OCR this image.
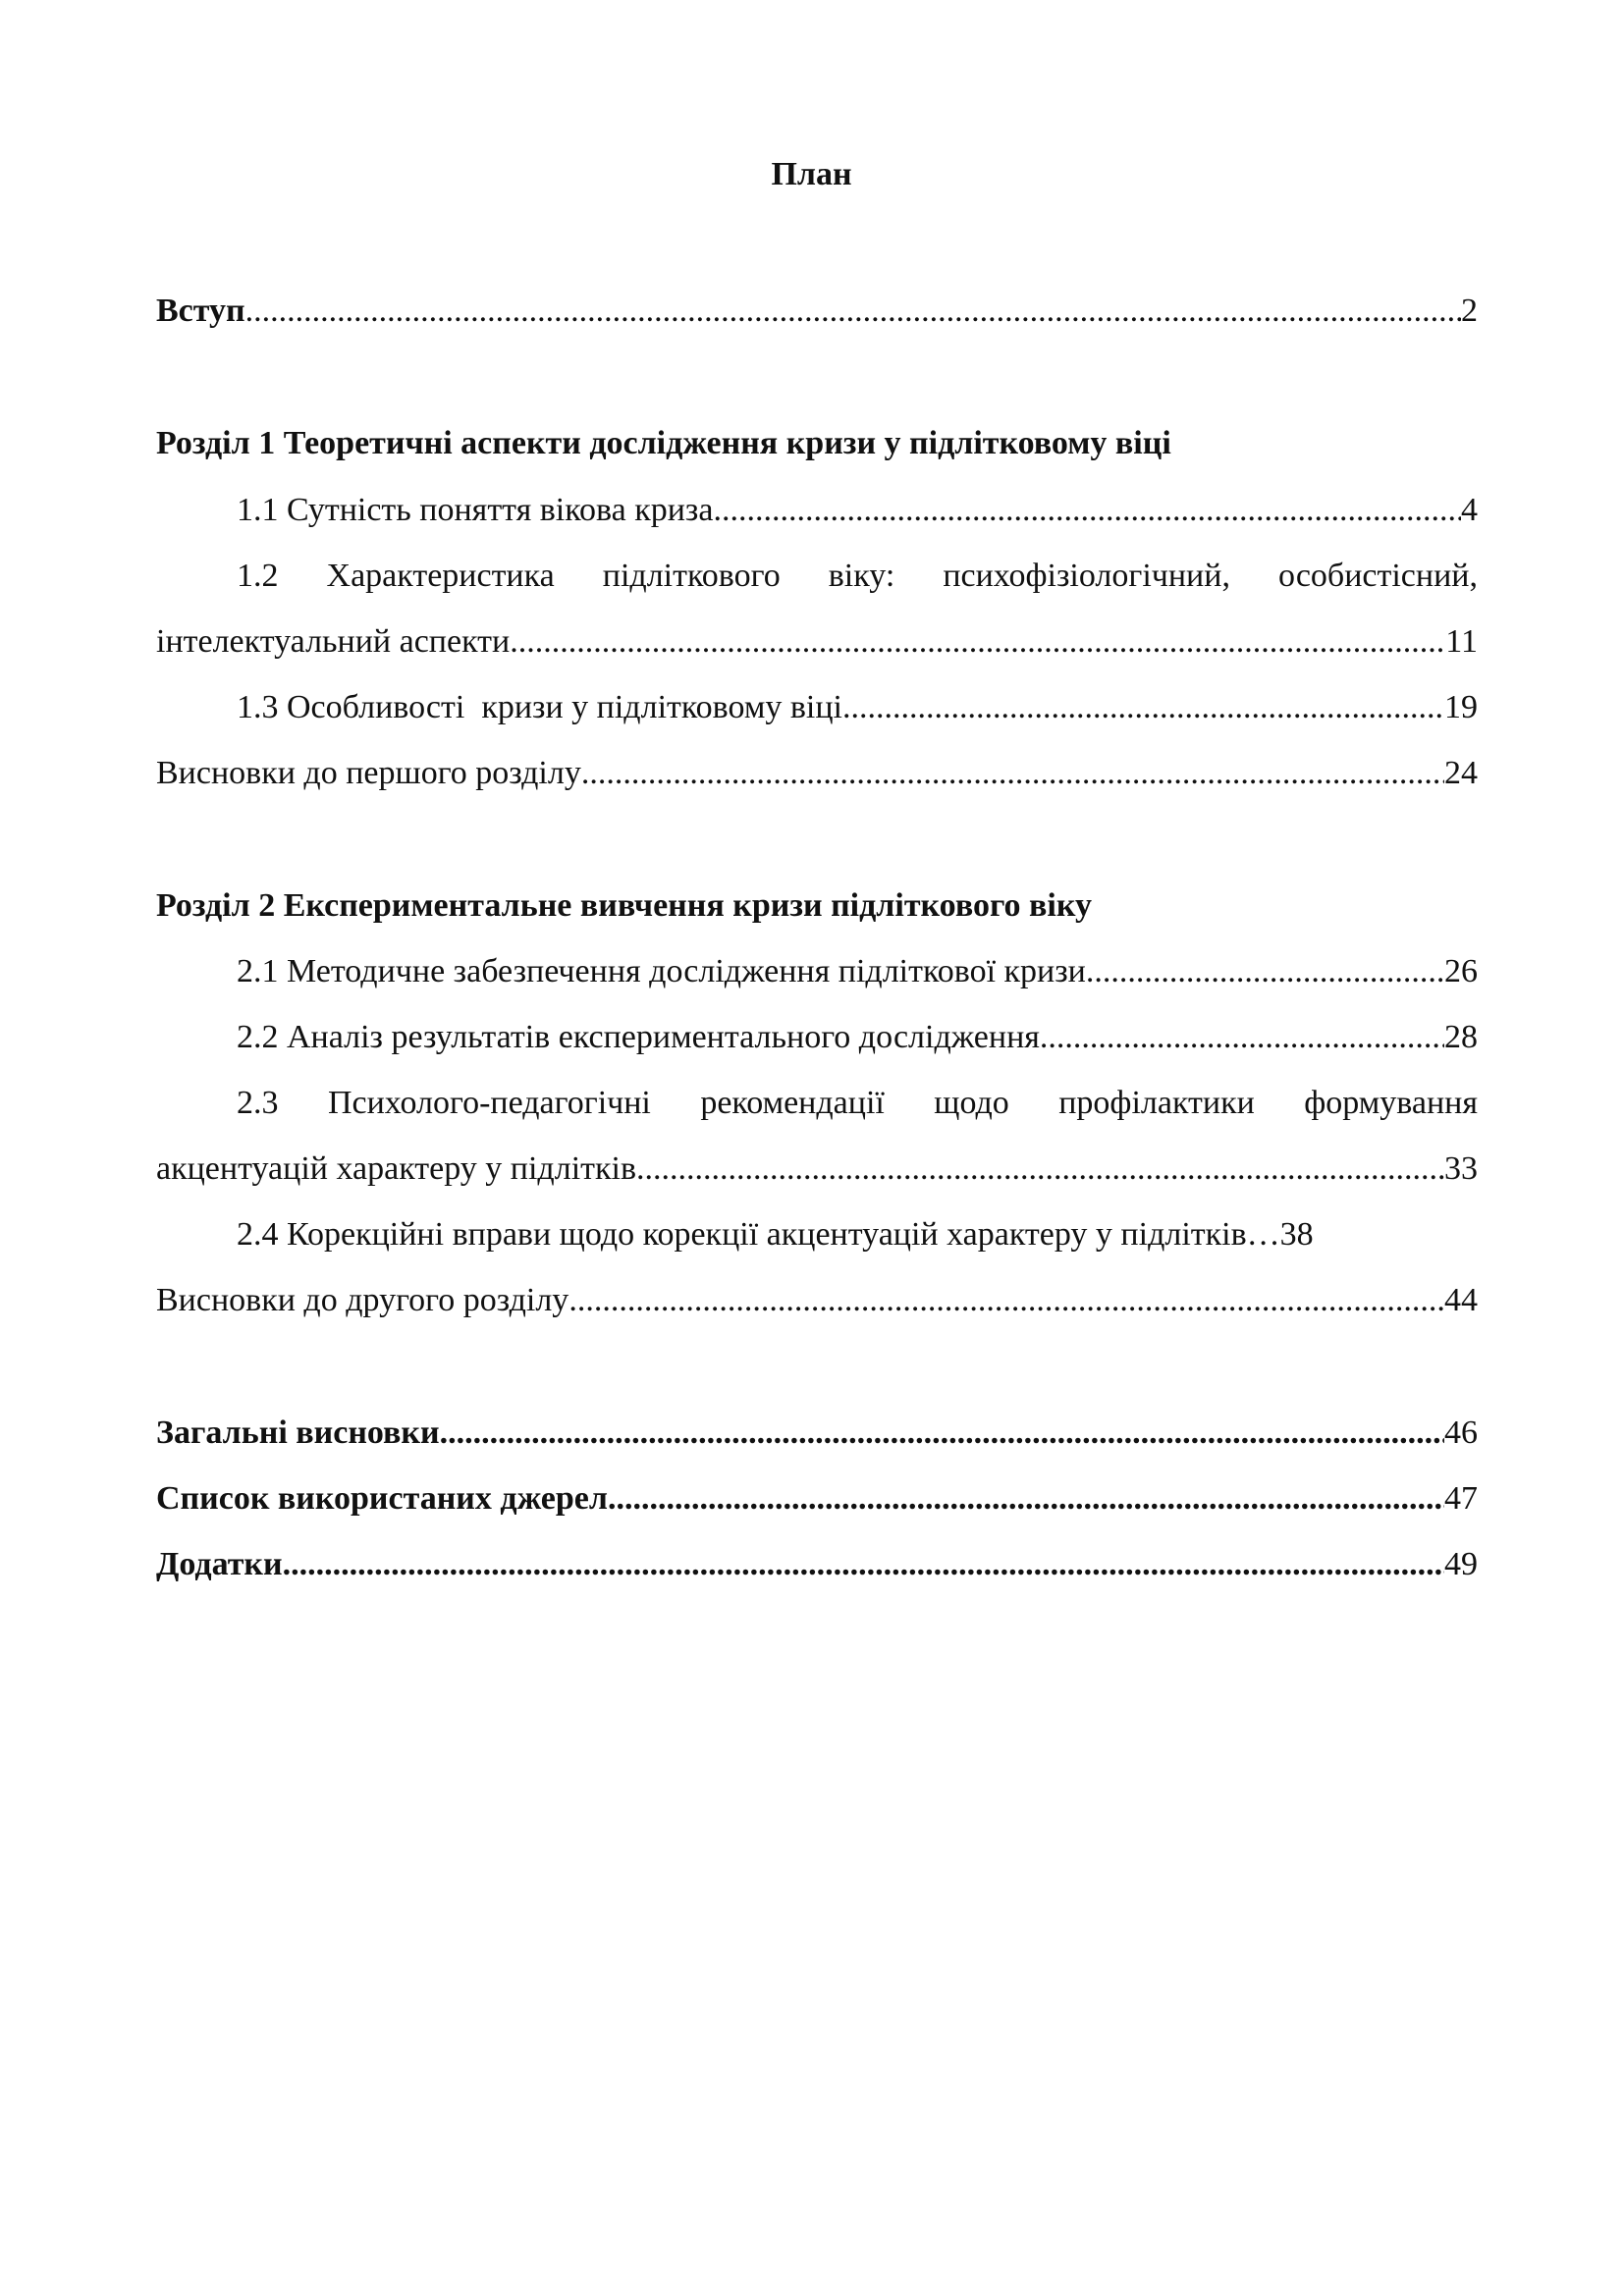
План
Вступ .....	2
Розділ 1 Теоретичні аспекти дослідження кризи у підлітковому віці
1.1 Сутність поняття вікова криза .....	4
1.2 Характеристика підліткового віку: психофізіологічний, особистісний,
інтелектуальний аспекти .....	11
1.3 Особливості  кризи у підлітковому віці .....	19
Висновки до першого розділу .....	24
Розділ 2 Експериментальне вивчення кризи підліткового віку
2.1 Методичне забезпечення дослідження підліткової кризи .....	26
2.2 Аналіз результатів експериментального дослідження .....	28
2.3 Психолого-педагогічні рекомендації щодо профілактики формування
акцентуацій характеру у підлітків .....	33
2.4 Корекційні вправи щодо корекції акцентуацій характеру у підлітків…38
Висновки до другого розділу .....	44
Загальні висновки .....	46
Список використаних джерел .....	47
Додатки .....	49
